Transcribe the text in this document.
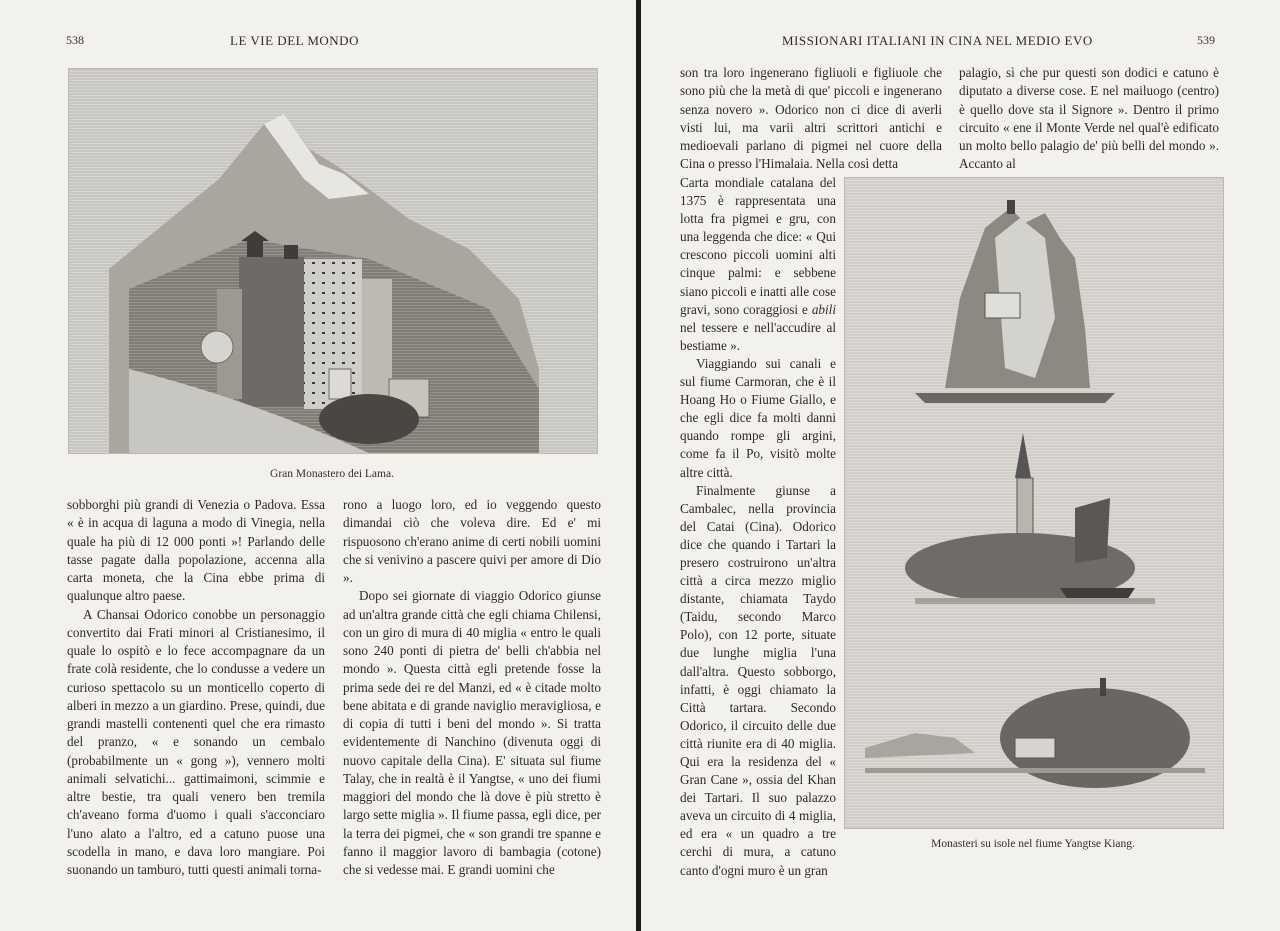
538	LE VIE DEL MONDO
Gran Monastero dei Lama.

sobborghi più grandi di Venezia o Padova. Essa « è in acqua di laguna a modo di Vinegia, nella quale ha più di 12 000 ponti »! Parlando delle tasse pagate dalla popolazione, accenna alla carta moneta, che la Cina ebbe prima di qualunque altro paese.

A Chansai Odorico conobbe un personaggio convertito dai Frati minori al Cristianesimo, il quale lo ospitò e lo fece accompagnare da un frate colà residente, che lo condusse a vedere un curioso spettacolo su un monticello coperto di alberi in mezzo a un giardino. Prese, quindi, due grandi mastelli contenenti quel che era rimasto del pranzo, « e sonando un cembalo (probabilmente un « gong »), vennero molti animali selvatichi... gattimaimoni, scimmie e altre bestie, tra quali venero ben tremila ch'aveano forma d'uomo i quali s'acconciaro l'uno alato a l'altro, ed a catuno puose una scodella in mano, e dava loro mangiare. Poi suonando un tamburo, tutti questi animali torna-

rono a luogo loro, ed io veggendo questo dimandai ciò che voleva dire. Ed e' mi rispuosono ch'erano anime di certi nobili uomini che si venivino a pascere quivi per amore di Dio ».

Dopo sei giornate di viaggio Odorico giunse ad un'altra grande città che egli chiama Chilensi, con un giro di mura di 40 miglia « entro le quali sono 240 ponti di pietra de' belli ch'abbia nel mondo ». Questa città egli pretende fosse la prima sede dei re del Manzi, ed « è citade molto bene abitata e di grande naviglio meravigliosa, e di copia di tutti i beni del mondo ». Si tratta evidentemente di Nanchino (divenuta oggi di nuovo capitale della Cina). E' situata sul fiume Talay, che in realtà è il Yangtse, « uno dei fiumi maggiori del mondo che là dove è più stretto è largo sette miglia ». Il fiume passa, egli dice, per la terra dei pigmei, che « son grandi tre spanne e fanno il maggior lavoro di bambagia (cotone) che si vedesse mai. E grandi uomini che

MISSIONARI ITALIANI IN CINA NEL MEDIO EVO	539

son tra loro ingenerano figliuoli e figliuole che sono più che la metà di que' piccoli e ingenerano senza novero ». Odorico non ci dice di averli visti lui, ma varii altri scrittori antichi e medioevali parlano di pigmei nel cuore della Cina o presso l'Himalaia. Nella così detta

palagio, sì che pur questi son dodici e catuno è diputato a diverse cose. E nel mailuogo (centro) è quello dove sta il Signore ». Dentro il primo circuito « ene il Monte Verde nel qual'è edificato un molto bello palagio de' più belli del mondo ». Accanto al

Carta mondiale catalana del 1375 è rappresentata una lotta fra pigmei e gru, con una leggenda che dice: « Qui crescono piccoli uomini alti cinque palmi: e sebbene siano piccoli e inatti alle cose gravi, sono coraggiosi e abili nel tessere e nell'accudire al bestiame ».

Viaggiando sui canali e sul fiume Carmoran, che è il Hoang Ho o Fiume Giallo, e che egli dice fa molti danni quando rompe gli argini, come fa il Po, visitò molte altre città.

Finalmente giunse a Cambalec, nella provincia del Catai (Cina). Odorico dice che quando i Tartari la presero costruirono un'altra città a circa mezzo miglio distante, chiamata Taydo (Taidu, secondo Marco Polo), con 12 porte, situate due lunghe miglia l'una dall'altra. Questo sobborgo, infatti, è oggi chiamato la Città tartara. Secondo Odorico, il circuito delle due città riunite era di 40 miglia. Qui era la residenza del « Gran Cane », ossia del Khan dei Tartari. Il suo palazzo aveva un circuito di 4 miglia, ed era « un quadro a tre cerchi di mura, a catuno canto d'ogni muro è un gran

Monasteri su isole nel fiume Yangtse Kiang.
